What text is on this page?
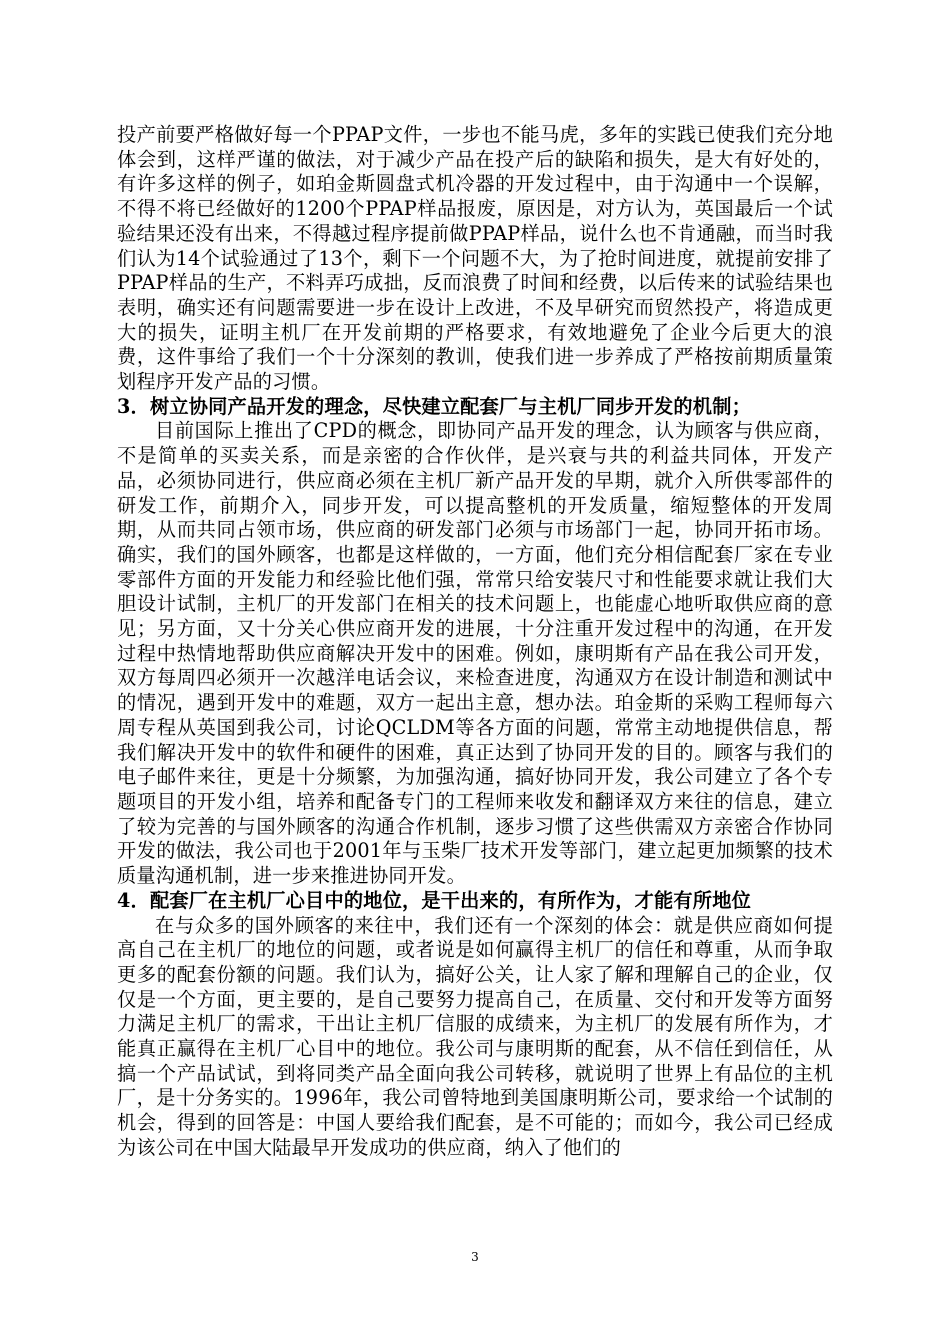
投产前要严格做好每一个PPAP文件，一步也不能马虎，多年的实践已使我们充分地体会到，这样严谨的做法，对于减少产品在投产后的缺陷和损失，是大有好处的，有许多这样的例子，如珀金斯圆盘式机冷器的开发过程中，由于沟通中一个误解，不得不将已经做好的1200个PPAP样品报废，原因是，对方认为，英国最后一个试验结果还没有出来，不得越过程序提前做PPAP样品，说什么也不肯通融，而当时我们认为14个试验通过了13个，剩下一个问题不大，为了抢时间进度，就提前安排了PPAP样品的生产，不料弄巧成拙，反而浪费了时间和经费，以后传来的试验结果也表明，确实还有问题需要进一步在设计上改进，不及早研究而贸然投产，将造成更大的损失，证明主机厂在开发前期的严格要求，有效地避免了企业今后更大的浪费，这件事给了我们一个十分深刻的教训，使我们进一步养成了严格按前期质量策划程序开发产品的习惯。

3．树立协同产品开发的理念，尽快建立配套厂与主机厂同步开发的机制；

目前国际上推出了CPD的概念，即协同产品开发的理念，认为顾客与供应商，不是简单的买卖关系，而是亲密的合作伙伴，是兴衰与共的利益共同体，开发产品，必须协同进行，供应商必须在主机厂新产品开发的早期，就介入所供零部件的研发工作，前期介入，同步开发，可以提高整机的开发质量，缩短整体的开发周期，从而共同占领市场，供应商的研发部门必须与市场部门一起，协同开拓市场。确实，我们的国外顾客，也都是这样做的，一方面，他们充分相信配套厂家在专业零部件方面的开发能力和经验比他们强，常常只给安装尺寸和性能要求就让我们大胆设计试制，主机厂的开发部门在相关的技术问题上，也能虚心地听取供应商的意见；另方面，又十分关心供应商开发的进展，十分注重开发过程中的沟通，在开发过程中热情地帮助供应商解决开发中的困难。例如，康明斯有产品在我公司开发，双方每周四必须开一次越洋电话会议，来检查进度，沟通双方在设计制造和测试中的情况，遇到开发中的难题，双方一起出主意，想办法。珀金斯的采购工程师每六周专程从英国到我公司，讨论QCLDM等各方面的问题，常常主动地提供信息，帮我们解决开发中的软件和硬件的困难，真正达到了协同开发的目的。顾客与我们的电子邮件来往，更是十分频繁，为加强沟通，搞好协同开发，我公司建立了各个专题项目的开发小组，培养和配备专门的工程师来收发和翻译双方来往的信息，建立了较为完善的与国外顾客的沟通合作机制，逐步习惯了这些供需双方亲密合作协同开发的做法，我公司也于2001年与玉柴厂技术开发等部门，建立起更加频繁的技术质量沟通机制，进一步来推进协同开发。

4．配套厂在主机厂心目中的地位，是干出来的，有所作为，才能有所地位

在与众多的国外顾客的来往中，我们还有一个深刻的体会：就是供应商如何提高自己在主机厂的地位的问题，或者说是如何赢得主机厂的信任和尊重，从而争取更多的配套份额的问题。我们认为，搞好公关，让人家了解和理解自己的企业，仅仅是一个方面，更主要的，是自己要努力提高自己，在质量、交付和开发等方面努力满足主机厂的需求，干出让主机厂信服的成绩来，为主机厂的发展有所作为，才能真正赢得在主机厂心目中的地位。我公司与康明斯的配套，从不信任到信任，从搞一个产品试试，到将同类产品全面向我公司转移，就说明了世界上有品位的主机厂，是十分务实的。1996年，我公司曾特地到美国康明斯公司，要求给一个试制的机会，得到的回答是：中国人要给我们配套，是不可能的；而如今，我公司已经成为该公司在中国大陆最早开发成功的供应商，纳入了他们的

3
